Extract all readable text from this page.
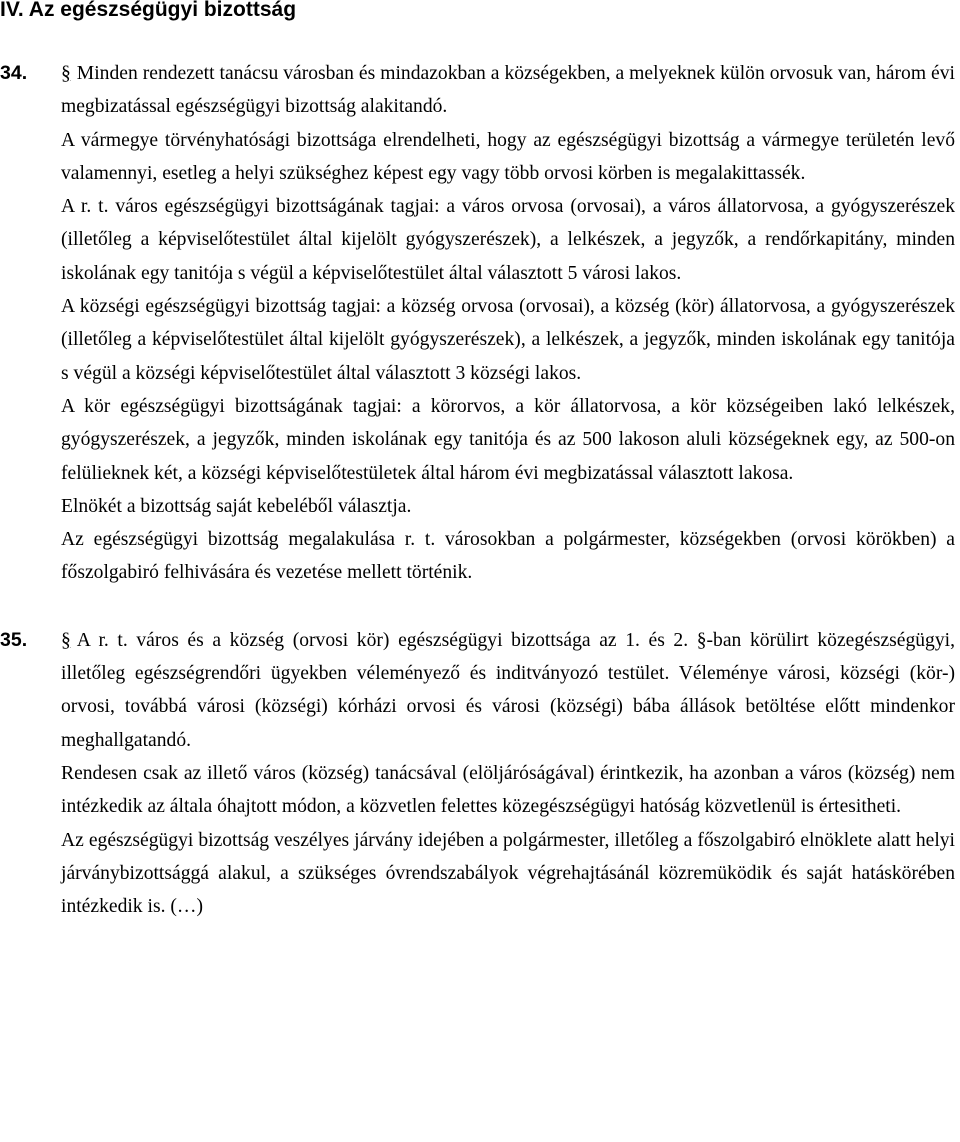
IV. Az egészségügyi bizottság
34. § Minden rendezett tanácsu városban és mindazokban a községekben, a melyeknek külön orvosuk van, három évi megbizatással egészségügyi bizottság alakitandó.

A vármegye törvényhatósági bizottsága elrendelheti, hogy az egészségügyi bizottság a vármegye területén levő valamennyi, esetleg a helyi szükséghez képest egy vagy több orvosi körben is megalakittassék.

A r. t. város egészségügyi bizottságának tagjai: a város orvosa (orvosai), a város állatorvosa, a gyógyszerészek (illetőleg a képviselőtestület által kijelölt gyógyszerészek), a lelkészek, a jegyzők, a rendőrkapitány, minden iskolának egy tanitója s végül a képviselőtestület által választott 5 városi lakos.

A községi egészségügyi bizottság tagjai: a község orvosa (orvosai), a község (kör) állatorvosa, a gyógyszerészek (illetőleg a képviselőtestület által kijelölt gyógyszerészek), a lelkészek, a jegyzők, minden iskolának egy tanitója s végül a községi képviselőtestület által választott 3 községi lakos.

A kör egészségügyi bizottságának tagjai: a körorvos, a kör állatorvosa, a kör községeiben lakó lelkészek, gyógyszerészek, a jegyzők, minden iskolának egy tanitója és az 500 lakoson aluli községeknek egy, az 500-on felülieknek két, a községi képviselőtestületek által három évi megbizatással választott lakosa.

Elnökét a bizottság saját kebeléből választja.

Az egészségügyi bizottság megalakulása r. t. városokban a polgármester, községekben (orvosi körökben) a főszolgabiró felhivására és vezetése mellett történik.

35. § A r. t. város és a község (orvosi kör) egészségügyi bizottsága az 1. és 2. §-ban körülirt közegészségügyi, illetőleg egészségrendőri ügyekben véleményező és inditványozó testület. Véleménye városi, községi (kör-) orvosi, továbbá városi (községi) kórházi orvosi és városi (községi) bába állások betöltése előtt mindenkor meghallgatandó.

Rendesen csak az illető város (község) tanácsával (elöljáróságával) érintkezik, ha azonban a város (község) nem intézkedik az általa óhajtott módon, a közvetlen felettes közegészségügyi hatóság közvetlenül is értesitheti.

Az egészségügyi bizottság veszélyes járvány idejében a polgármester, illetőleg a főszolgabiró elnöklete alatt helyi járványbizottsággá alakul, a szükséges óvrendszabályok végrehajtásánál közremüködik és saját hatáskörében intézkedik is. (…)
